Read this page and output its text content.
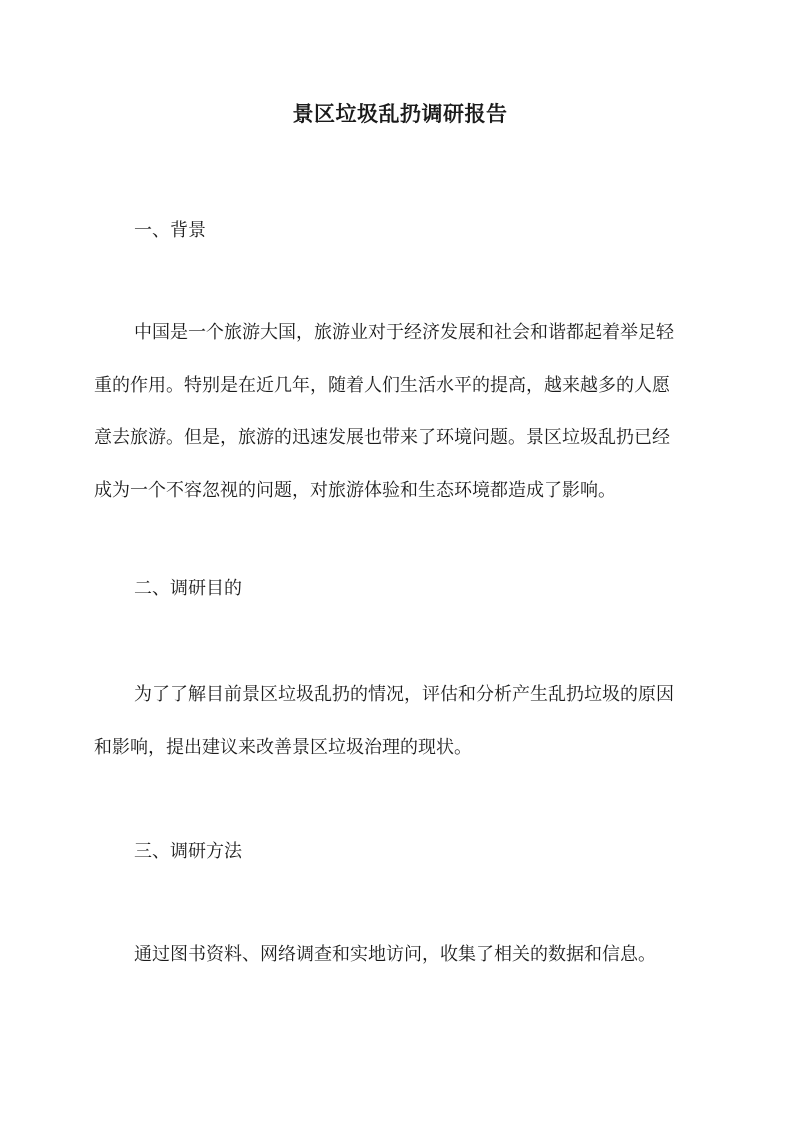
景区垃圾乱扔调研报告
一、背景
中国是一个旅游大国，旅游业对于经济发展和社会和谐都起着举足轻
重的作用。特别是在近几年，随着人们生活水平的提高，越来越多的人愿
意去旅游。但是，旅游的迅速发展也带来了环境问题。景区垃圾乱扔已经
成为一个不容忽视的问题，对旅游体验和生态环境都造成了影响。
二、调研目的
为了了解目前景区垃圾乱扔的情况，评估和分析产生乱扔垃圾的原因
和影响，提出建议来改善景区垃圾治理的现状。
三、调研方法
通过图书资料、网络调查和实地访问，收集了相关的数据和信息。
